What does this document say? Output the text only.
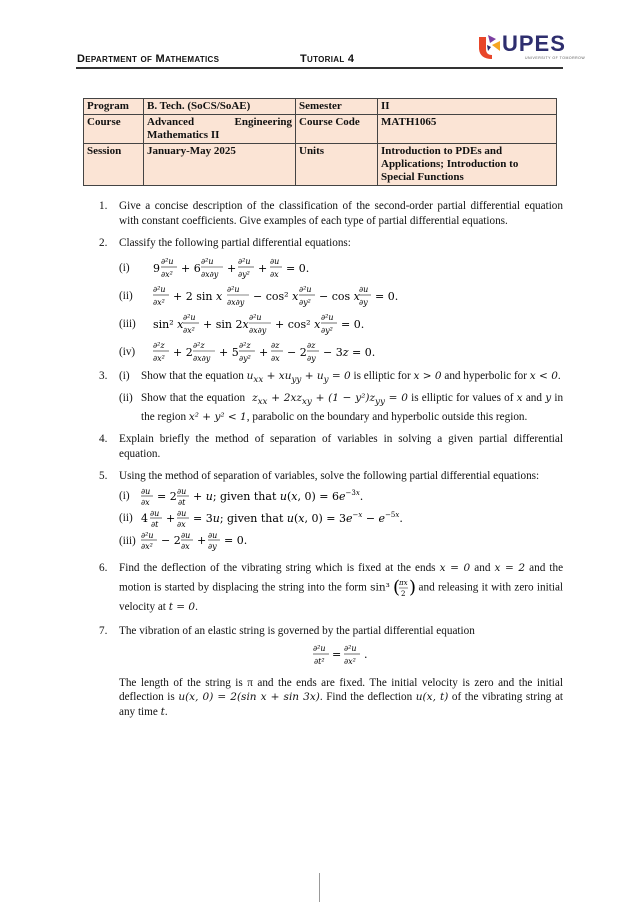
Department of Mathematics	Tutorial 4
UPES
UNIVERSITY OF TOMORROW
Program	B. Tech. (SoCS/SoAE)	Semester	II
Course	Advanced Engineering Mathematics II	Course Code	MATH1065
Session	January-May 2025	Units	Introduction to PDEs and Applications; Introduction to Special Functions
1. Give a concise description of the classification of the second-order partial differential equation with constant coefficients. Give examples of each type of partial differential equations.
2. Classify the following partial differential equations:
(i) 9
∂²u
∂x² + 6
∂²u
∂x∂y +
∂²u
∂y² +
∂u
∂x = 0.
(ii)
∂²u
∂x² + 2 sin x
∂²u
∂x∂y − cos² x
∂²u
∂y² − cos x
∂u
∂y = 0.
(iii) sin² x
∂²u
∂x² + sin 2x
∂²u
∂x∂y + cos² x
∂²u
∂y² = 0.
(iv)
∂²z
∂x² + 2
∂²z
∂x∂y + 5
∂²z
∂y² +
∂z
∂x − 2
∂z
∂y − 3z = 0.
3. (i) Show that the equation $u_{xx} + xu_{yy} + u_y = 0$ is elliptic for x > 0 and hyperbolic for x < 0.
(ii) Show that the equation  $z_{xx} + 2xz_{xy} + (1 - y^2)z_{yy} = 0$ is elliptic for values of x and y in the region x² + y² < 1, parabolic on the boundary and hyperbolic outside this region.
4. Explain briefly the method of separation of variables in solving a given partial differential equation.
5. Using the method of separation of variables, solve the following partial differential equations:
(i) ∂u
∂x = 2 ∂u
∂t + u; given that u(x, $0) = 6e^{-3x}$.
(ii) 4 ∂u
∂t + ∂u
∂x = 3u; given that u(x, $0) = 3e^{-x} - e^{-5x}$.
(iii) ∂²u
∂x² − 2 ∂u
∂x + ∂u
∂y = 0.
6. Find the deflection of the vibrating string which is fixed at the ends x = 0 and x = 2 and the motion is started by displacing the string into the form sin³ (
πx
2 ) and releasing it with zero initial velocity at t = 0.
7. The vibration of an elastic string is governed by the partial differential equation
∂²u
∂t²
= ∂²u
∂x²
.
The length of the string is π and the ends are fixed. The initial velocity is zero and the initial deflection is u(x, 0) = 2(sin x + sin 3x). Find the deflection u(x, t) of the vibrating string at any time t.
